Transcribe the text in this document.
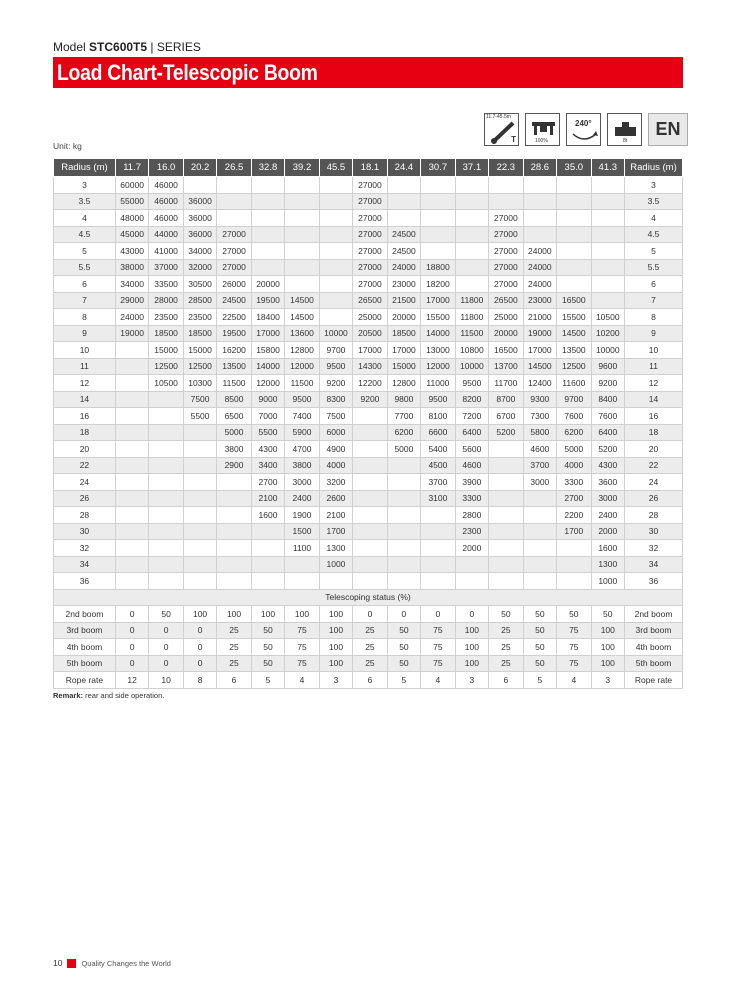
Model STC600T5 | SERIES
Load Chart-Telescopic Boom
11.7-45.5m
T	100%
240°
8t
EN
Unit: kg
Radius (m)	11.7	16.0	20.2	26.5	32.8	39.2	45.5	18.1	24.4	30.7	37.1	22.3	28.6	35.0	41.3	Radius (m)
3	60000	46000						27000								3
3.5	55000	46000	36000					27000								3.5
4	48000	46000	36000					27000				27000				4
4.5	45000	44000	36000	27000				27000	24500			27000				4.5
5	43000	41000	34000	27000				27000	24500			27000	24000			5
5.5	38000	37000	32000	27000				27000	24000	18800		27000	24000			5.5
6	34000	33500	30500	26000	20000			27000	23000	18200		27000	24000			6
7	29000	28000	28500	24500	19500	14500		26500	21500	17000	11800	26500	23000	16500		7
8	24000	23500	23500	22500	18400	14500		25000	20000	15500	11800	25000	21000	15500	10500	8
9	19000	18500	18500	19500	17000	13600	10000	20500	18500	14000	11500	20000	19000	14500	10200	9
10		15000	15000	16200	15800	12800	9700	17000	17000	13000	10800	16500	17000	13500	10000	10
11		12500	12500	13500	14000	12000	9500	14300	15000	12000	10000	13700	14500	12500	9600	11
12		10500	10300	11500	12000	11500	9200	12200	12800	11000	9500	11700	12400	11600	9200	12
14			7500	8500	9000	9500	8300	9200	9800	9500	8200	8700	9300	9700	8400	14
16			5500	6500	7000	7400	7500		7700	8100	7200	6700	7300	7600	7600	16
18				5000	5500	5900	6000		6200	6600	6400	5200	5800	6200	6400	18
20				3800	4300	4700	4900		5000	5400	5600		4600	5000	5200	20
22				2900	3400	3800	4000			4500	4600		3700	4000	4300	22
24					2700	3000	3200			3700	3900		3000	3300	3600	24
26					2100	2400	2600			3100	3300			2700	3000	26
28					1600	1900	2100				2800			2200	2400	28
30						1500	1700				2300			1700	2000	30
32						1100	1300				2000				1600	32
34							1000								1300	34
36															1000	36
Telescoping status (%)																
2nd boom	0	50	100	100	100	100	100	0	0	0	0	50	50	50	50	2nd boom
3rd boom	0	0	0	25	50	75	100	25	50	75	100	25	50	75	100	3rd boom
4th boom	0	0	0	25	50	75	100	25	50	75	100	25	50	75	100	4th boom
5th boom	0	0	0	25	50	75	100	25	50	75	100	25	50	75	100	5th boom
Rope rate	12	10	8	6	5	4	3	6	5	4	3	6	5	4	3	Rope rate
Remark: rear and side operation.
10	Quality Changes the World
